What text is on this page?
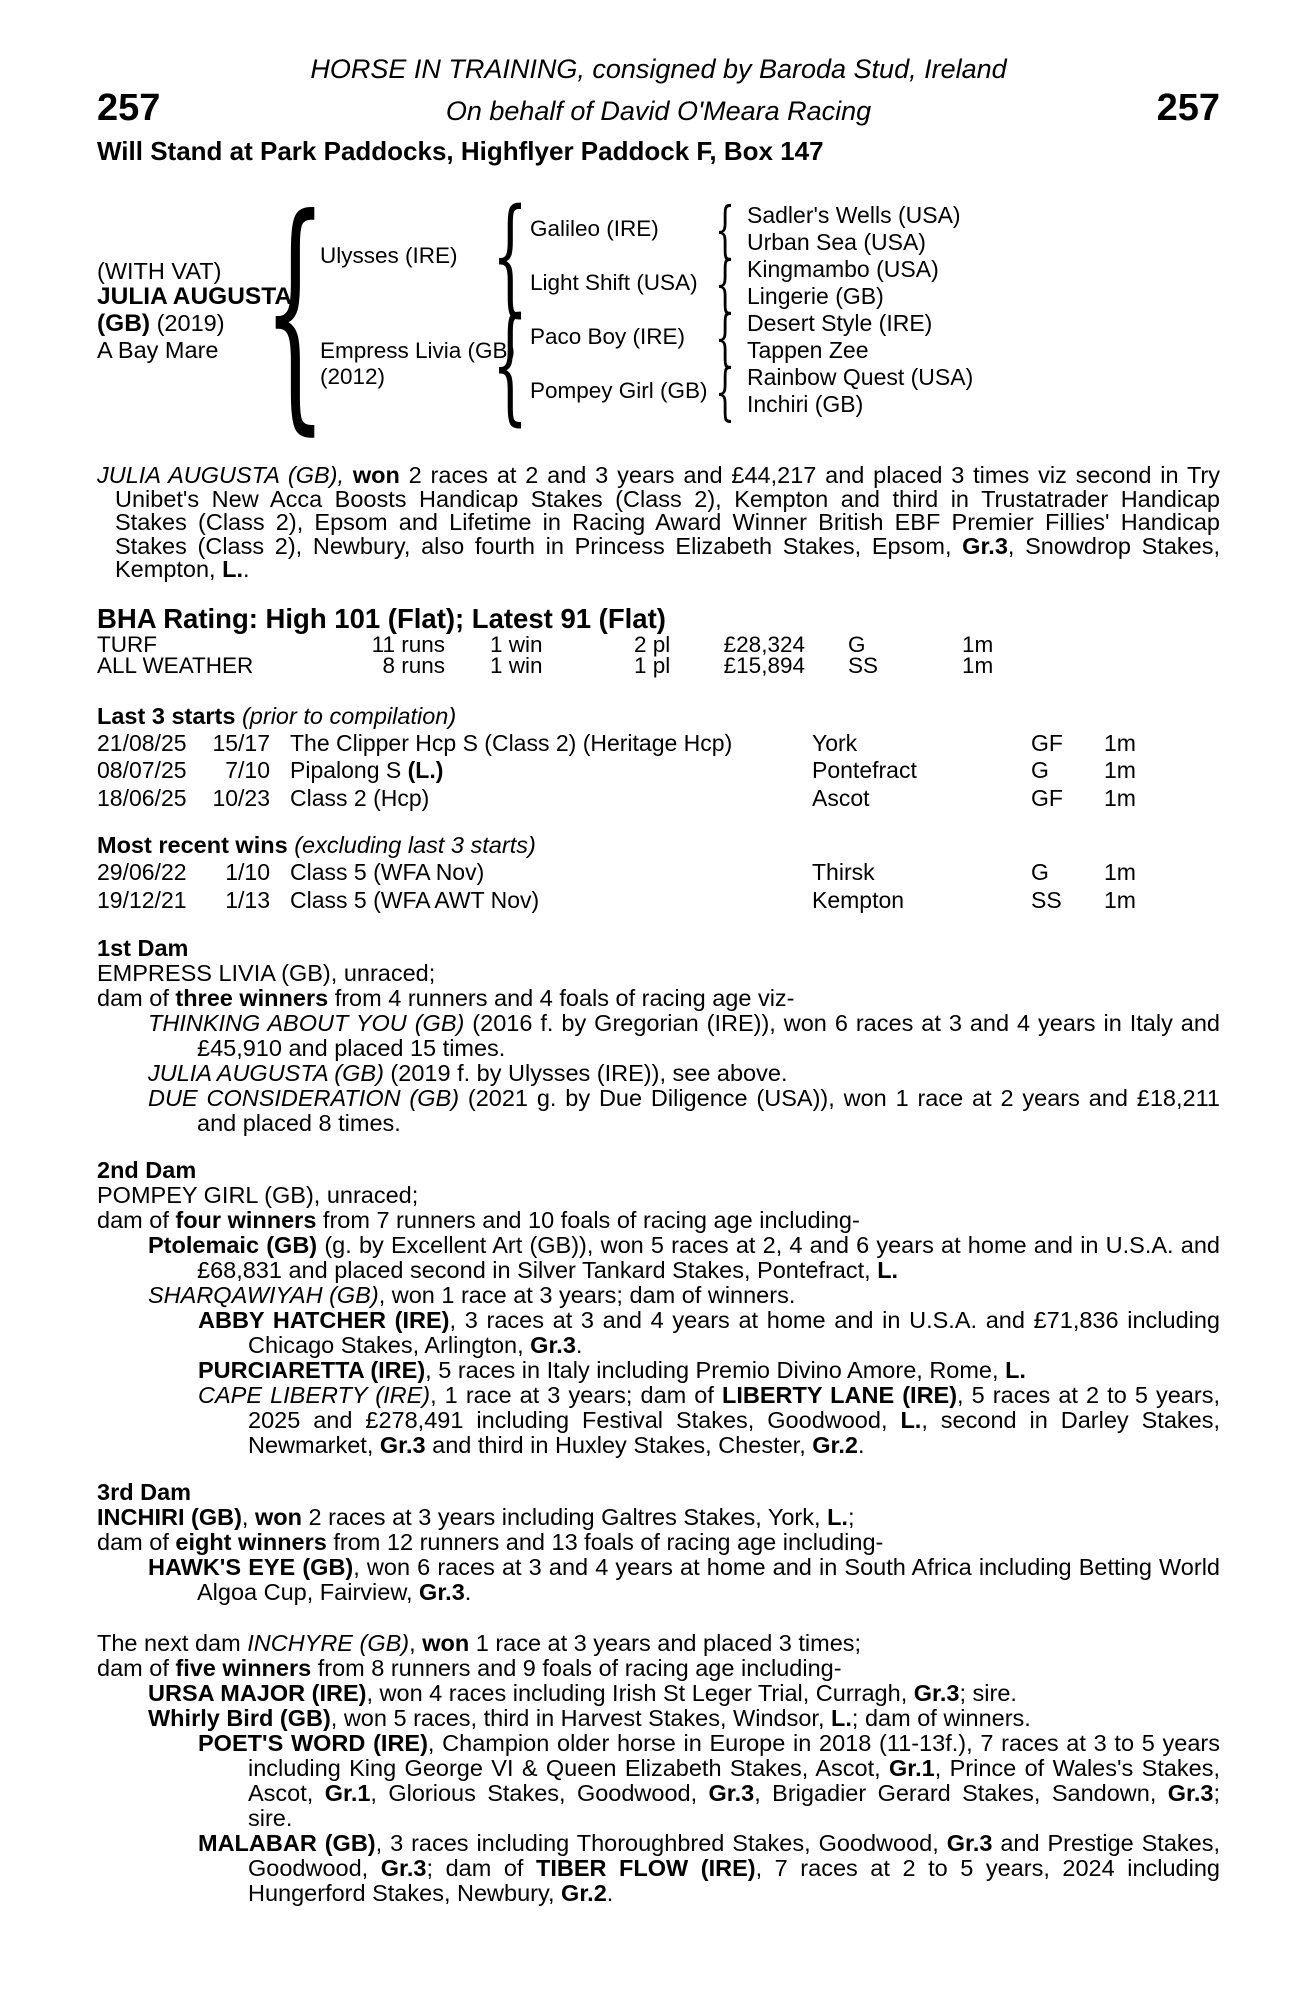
HORSE IN TRAINING, consigned by Baroda Stud, Ireland
257	On behalf of David O'Meara Racing	257
Will Stand at Park Paddocks, Highflyer Paddock F, Box 147
(WITH VAT)
JULIA AUGUSTA
(GB) (2019)
A Bay Mare {
Ulysses (IRE)
Empress Livia (GB)
(2012)
{
{
Galileo (IRE)
Light Shift (USA)
Paco Boy (IRE)
Pompey Girl (GB)
{
{
{
{
Sadler's Wells (USA)
Urban Sea (USA)
Kingmambo (USA)
Lingerie (GB)
Desert Style (IRE)
Tappen Zee
Rainbow Quest (USA)
Inchiri (GB)
JULIA AUGUSTA (GB), won 2 races at 2 and 3 years and £44,217 and placed 3 times viz second in Try Unibet's New Acca Boosts Handicap Stakes (Class 2), Kempton and third in Trustatrader Handicap Stakes (Class 2), Epsom and Lifetime in Racing Award Winner British EBF Premier Fillies' Handicap Stakes (Class 2), Newbury, also fourth in Princess Elizabeth Stakes, Epsom, Gr.3, Snowdrop Stakes, Kempton, L..
BHA Rating: High 101 (Flat); Latest 91 (Flat)
TURF	11 runs	1 win	2 pl	£28,324	G	1m
ALL WEATHER	8 runs	1 win	1 pl	£15,894	SS	1m
Last 3 starts (prior to compilation)
21/08/25	15/17 The Clipper Hcp S (Class 2) (Heritage Hcp)	York	GF	1m
08/07/25	7/10 Pipalong S (L.)	Pontefract	G	1m
18/06/25	10/23 Class 2 (Hcp)	Ascot	GF	1m
Most recent wins (excluding last 3 starts)
29/06/22	1/10 Class 5 (WFA Nov)	Thirsk	G	1m
19/12/21	1/13 Class 5 (WFA AWT Nov)	Kempton	SS	1m
1st Dam
EMPRESS LIVIA (GB), unraced;
dam of three winners from 4 runners and 4 foals of racing age viz-
THINKING ABOUT YOU (GB) (2016 f. by Gregorian (IRE)), won 6 races at 3 and 4 years in Italy and £45,910 and placed 15 times.
JULIA AUGUSTA (GB) (2019 f. by Ulysses (IRE)), see above.
DUE CONSIDERATION (GB) (2021 g. by Due Diligence (USA)), won 1 race at 2 years and £18,211 and placed 8 times.
2nd Dam
POMPEY GIRL (GB), unraced;
dam of four winners from 7 runners and 10 foals of racing age including-
Ptolemaic (GB) (g. by Excellent Art (GB)), won 5 races at 2, 4 and 6 years at home and in U.S.A. and £68,831 and placed second in Silver Tankard Stakes, Pontefract, L.
SHARQAWIYAH (GB), won 1 race at 3 years; dam of winners.
ABBY HATCHER (IRE), 3 races at 3 and 4 years at home and in U.S.A. and £71,836 including Chicago Stakes, Arlington, Gr.3.
PURCIARETTA (IRE), 5 races in Italy including Premio Divino Amore, Rome, L.
CAPE LIBERTY (IRE), 1 race at 3 years; dam of LIBERTY LANE (IRE), 5 races at 2 to 5 years, 2025 and £278,491 including Festival Stakes, Goodwood, L., second in Darley Stakes, Newmarket, Gr.3 and third in Huxley Stakes, Chester, Gr.2.
3rd Dam
INCHIRI (GB), won 2 races at 3 years including Galtres Stakes, York, L.;
dam of eight winners from 12 runners and 13 foals of racing age including-
HAWK'S EYE (GB), won 6 races at 3 and 4 years at home and in South Africa including Betting World Algoa Cup, Fairview, Gr.3.
The next dam INCHYRE (GB), won 1 race at 3 years and placed 3 times;
dam of five winners from 8 runners and 9 foals of racing age including-
URSA MAJOR (IRE), won 4 races including Irish St Leger Trial, Curragh, Gr.3; sire.
Whirly Bird (GB), won 5 races, third in Harvest Stakes, Windsor, L.; dam of winners.
POET'S WORD (IRE), Champion older horse in Europe in 2018 (11-13f.), 7 races at 3 to 5 years including King George VI & Queen Elizabeth Stakes, Ascot, Gr.1, Prince of Wales's Stakes, Ascot, Gr.1, Glorious Stakes, Goodwood, Gr.3, Brigadier Gerard Stakes, Sandown, Gr.3; sire.
MALABAR (GB), 3 races including Thoroughbred Stakes, Goodwood, Gr.3 and Prestige Stakes, Goodwood, Gr.3; dam of TIBER FLOW (IRE), 7 races at 2 to 5 years, 2024 including Hungerford Stakes, Newbury, Gr.2.
